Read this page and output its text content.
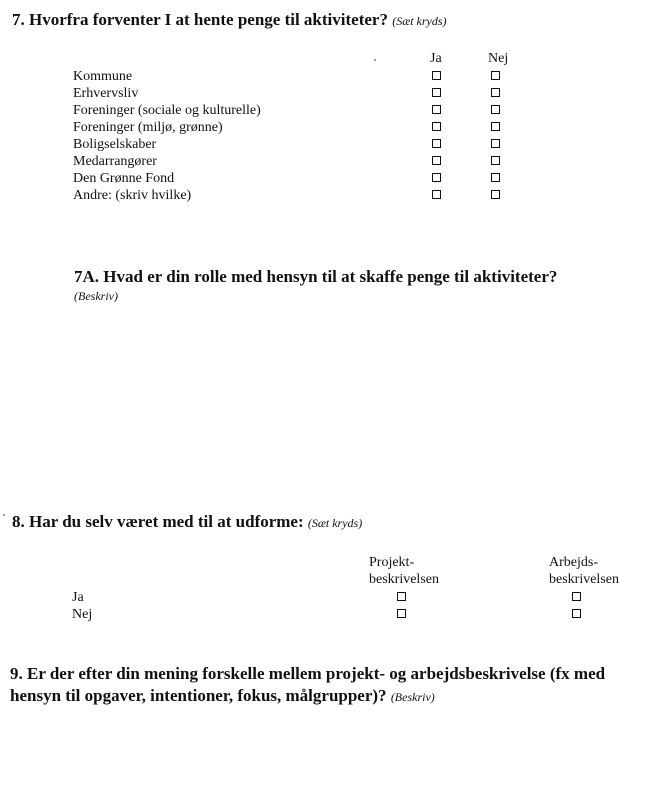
7. Hvorfra forventer I at hente penge til aktiviteter? (Sæt kryds)
Ja	Nej
Kommune
Erhvervsliv
Foreninger (sociale og kulturelle)
Foreninger (miljø, grønne)
Boligselskaber
Medarrangører
Den Grønne Fond
Andre: (skriv hvilke)
7A. Hvad er din rolle med hensyn til at skaffe penge til aktiviteter?
(Beskriv)
8. Har du selv været med til at udforme: (Sæt kryds)
Projekt-
beskrivelsen
Arbejds-
beskrivelsen
Ja
Nej
9. Er der efter din mening forskelle mellem projekt- og arbejdsbeskrivelse (fx med
hensyn til opgaver, intentioner, fokus, målgrupper)? (Beskriv)
